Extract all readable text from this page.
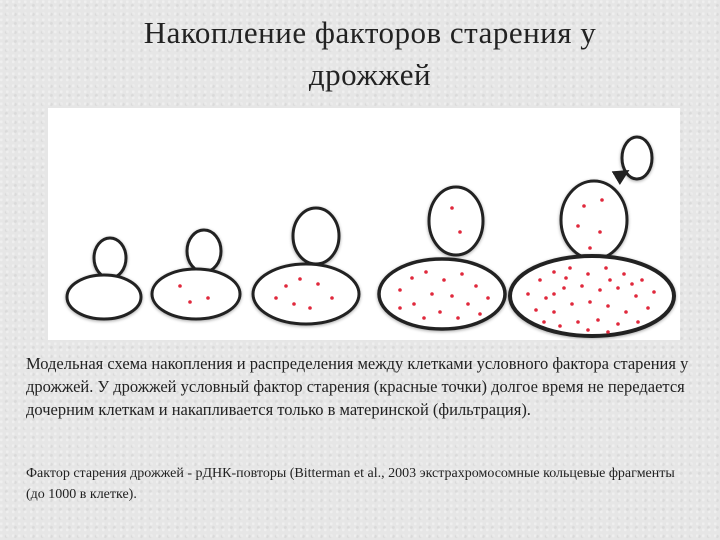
Накопление факторов старения у
дрожжей
Модельная схема накопления и распределения между клетками условного фактора старения у дрожжей. У дрожжей условный фактор старения (красные точки) долгое время не передается дочерним клеткам и накапливается только в материнской (фильтрация).
Фактор старения дрожжей - рДНК-повторы (Bitterman et al., 2003 экстрахромосомные кольцевые фрагменты (до 1000 в клетке).
